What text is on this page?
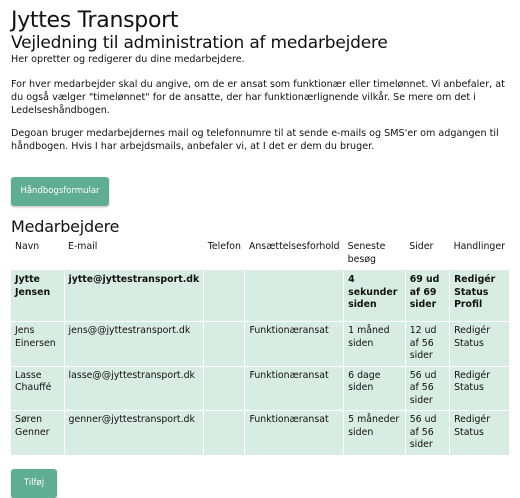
Jyttes Transport
Vejledning til administration af medarbejdere
Her opretter og redigerer du dine medarbejdere.

For hver medarbejder skal du angive, om de er ansat som funktionær eller timelønnet. Vi anbefaler, at du også vælger "timelønnet" for de ansatte, der har funktionærlignende vilkår. Se mere om det i Ledelseshåndbogen.

Degoan bruger medarbejdernes mail og telefonnumre til at sende e-mails og SMS'er om adgangen til håndbogen. Hvis I har arbejdsmails, anbefaler vi, at I det er dem du bruger.

Håndbogsformular
Medarbejdere
Navn	E-mail	Telefon	Ansættelsesforhold	Seneste besøg	Sider	Handlinger
Jytte Jensen	jytte@jyttestransport.dk			4 sekunder siden	69 ud af 69 sider	Redigér
Status
Profil

Jens Einersen	jens@@jyttestransport.dk		Funktionæransat	1 måned siden	12 ud af 56 sider	Redigér
Status

Lasse Chauffé	lasse@@jyttestransport.dk		Funktionæransat	6 dage siden	56 ud af 56 sider	Redigér
Status

Søren Genner	genner@jyttestransport.dk		Funktionæransat	5 måneder siden	56 ud af 56 sider	Redigér
Status
Tilføj
